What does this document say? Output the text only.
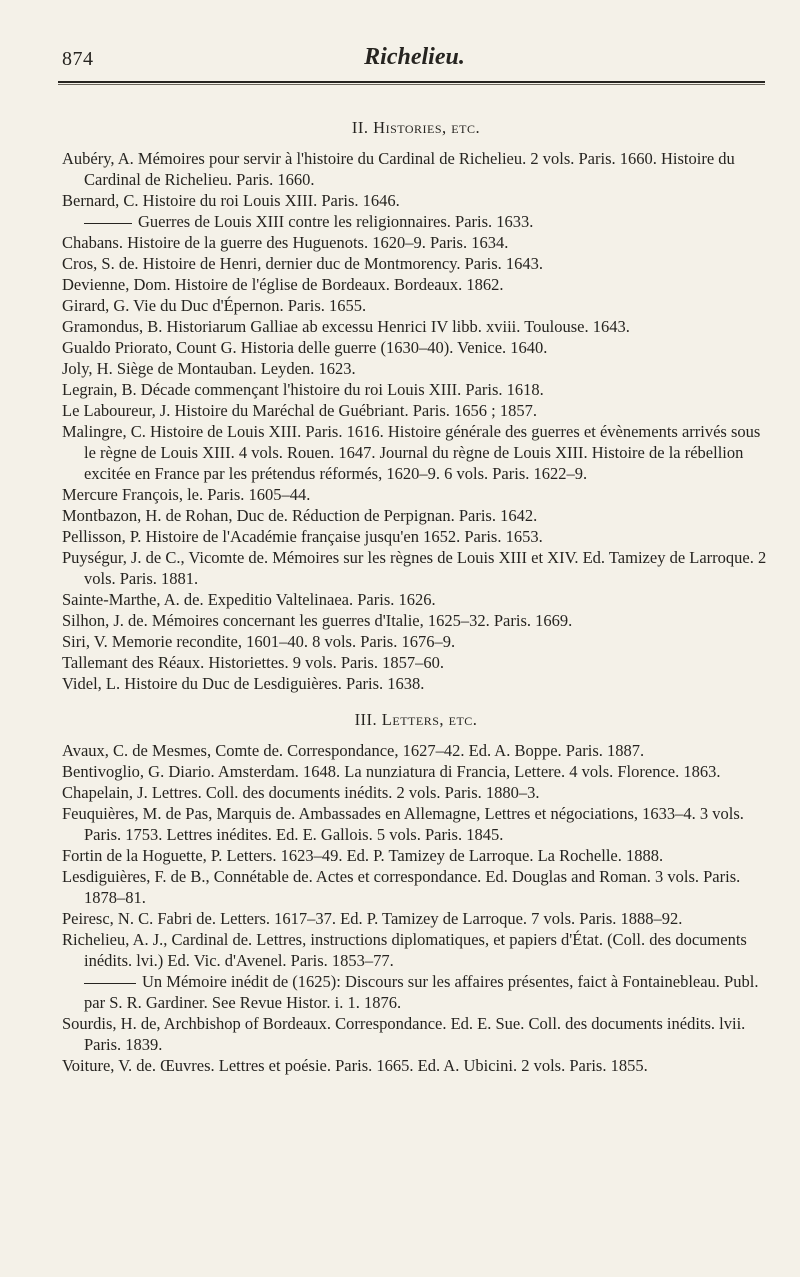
874	Richelieu.
II. Histories, etc.

Aubéry, A. Mémoires pour servir à l'histoire du Cardinal de Richelieu. 2 vols. Paris. 1660. Histoire du Cardinal de Richelieu. Paris. 1660.

Bernard, C. Histoire du roi Louis XIII. Paris. 1646.

Guerres de Louis XIII contre les religionnaires. Paris. 1633.

Chabans. Histoire de la guerre des Huguenots. 1620–9. Paris. 1634.

Cros, S. de. Histoire de Henri, dernier duc de Montmorency. Paris. 1643.

Devienne, Dom. Histoire de l'église de Bordeaux. Bordeaux. 1862.

Girard, G. Vie du Duc d'Épernon. Paris. 1655.

Gramondus, B. Historiarum Galliae ab excessu Henrici IV libb. xviii. Toulouse. 1643.

Gualdo Priorato, Count G. Historia delle guerre (1630–40). Venice. 1640.

Joly, H. Siège de Montauban. Leyden. 1623.

Legrain, B. Décade commençant l'histoire du roi Louis XIII. Paris. 1618.

Le Laboureur, J. Histoire du Maréchal de Guébriant. Paris. 1656 ; 1857.

Malingre, C. Histoire de Louis XIII. Paris. 1616. Histoire générale des guerres et évènements arrivés sous le règne de Louis XIII. 4 vols. Rouen. 1647. Journal du règne de Louis XIII. Histoire de la rébellion excitée en France par les prétendus réformés, 1620–9. 6 vols. Paris. 1622–9.

Mercure François, le. Paris. 1605–44.

Montbazon, H. de Rohan, Duc de. Réduction de Perpignan. Paris. 1642.

Pellisson, P. Histoire de l'Académie française jusqu'en 1652. Paris. 1653.

Puységur, J. de C., Vicomte de. Mémoires sur les règnes de Louis XIII et XIV. Ed. Tamizey de Larroque. 2 vols. Paris. 1881.

Sainte-Marthe, A. de. Expeditio Valtelinaea. Paris. 1626.

Silhon, J. de. Mémoires concernant les guerres d'Italie, 1625–32. Paris. 1669.

Siri, V. Memorie recondite, 1601–40. 8 vols. Paris. 1676–9.

Tallemant des Réaux. Historiettes. 9 vols. Paris. 1857–60.

Videl, L. Histoire du Duc de Lesdiguières. Paris. 1638.

III. Letters, etc.

Avaux, C. de Mesmes, Comte de. Correspondance, 1627–42. Ed. A. Boppe. Paris. 1887.

Bentivoglio, G. Diario. Amsterdam. 1648. La nunziatura di Francia, Lettere. 4 vols. Florence. 1863.

Chapelain, J. Lettres. Coll. des documents inédits. 2 vols. Paris. 1880–3.

Feuquières, M. de Pas, Marquis de. Ambassades en Allemagne, Lettres et négociations, 1633–4. 3 vols. Paris. 1753. Lettres inédites. Ed. E. Gallois. 5 vols. Paris. 1845.

Fortin de la Hoguette, P. Letters. 1623–49. Ed. P. Tamizey de Larroque. La Rochelle. 1888.

Lesdiguières, F. de B., Connétable de. Actes et correspondance. Ed. Douglas and Roman. 3 vols. Paris. 1878–81.

Peiresc, N. C. Fabri de. Letters. 1617–37. Ed. P. Tamizey de Larroque. 7 vols. Paris. 1888–92.

Richelieu, A. J., Cardinal de. Lettres, instructions diplomatiques, et papiers d'État. (Coll. des documents inédits. lvi.) Ed. Vic. d'Avenel. Paris. 1853–77.

Un Mémoire inédit de (1625): Discours sur les affaires présentes, faict à Fontainebleau. Publ. par S. R. Gardiner. See Revue Histor. i. 1. 1876.

Sourdis, H. de, Archbishop of Bordeaux. Correspondance. Ed. E. Sue. Coll. des documents inédits. lvii. Paris. 1839.

Voiture, V. de. Œuvres. Lettres et poésie. Paris. 1665. Ed. A. Ubicini. 2 vols. Paris. 1855.
